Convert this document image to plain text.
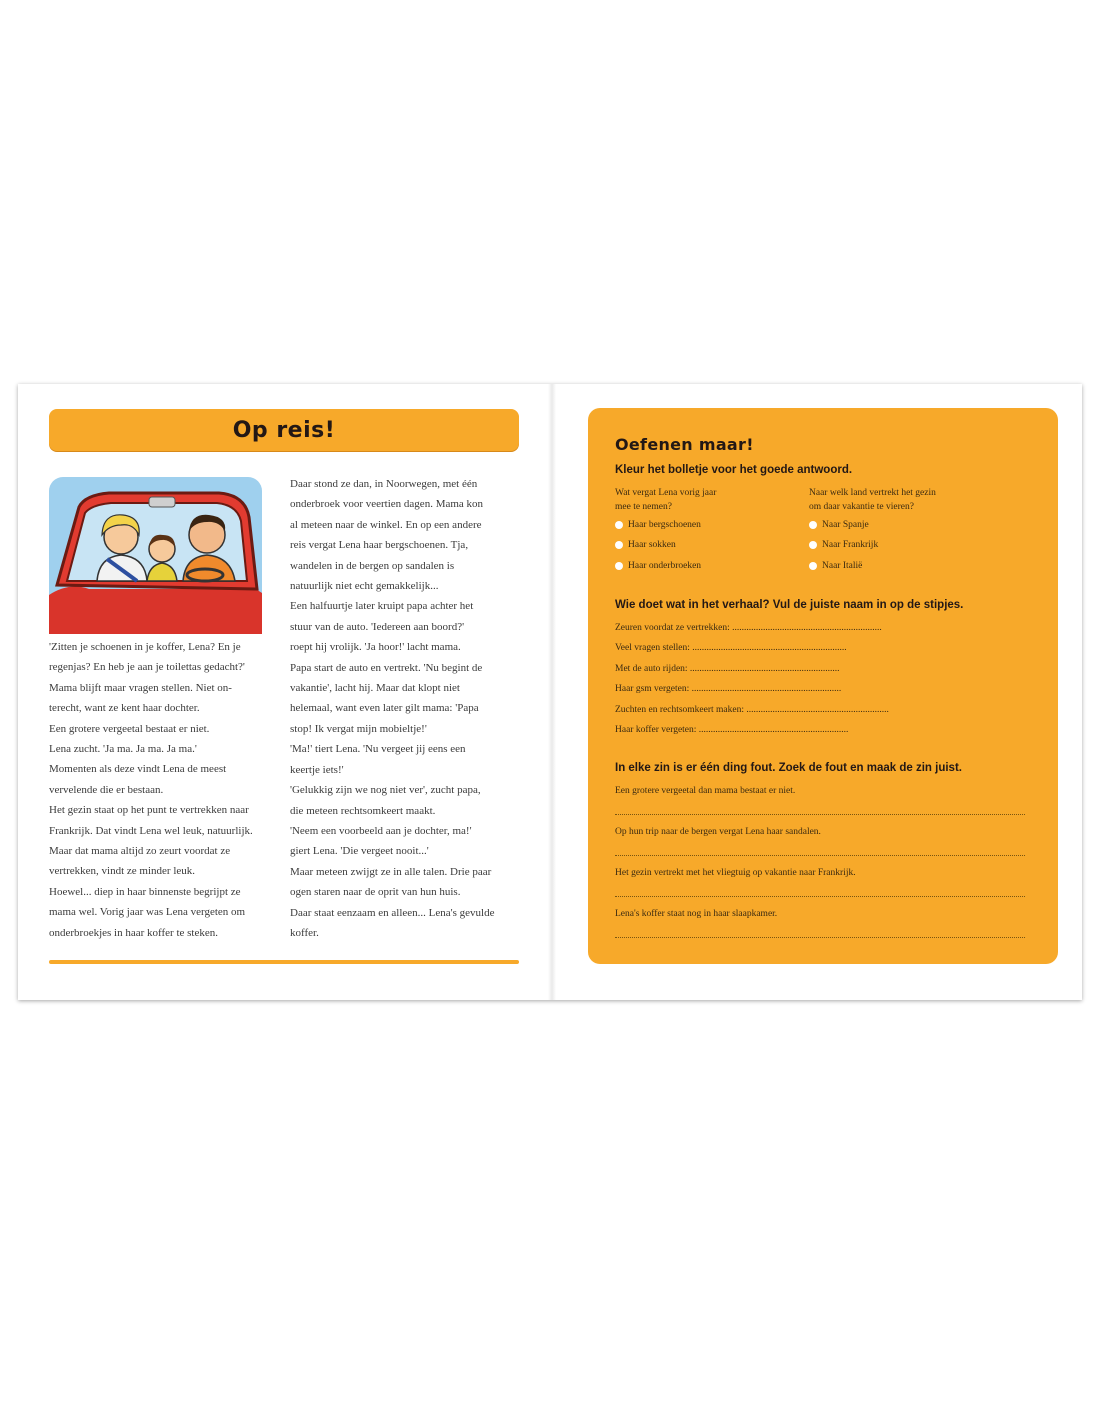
Op reis!

'Zitten je schoenen in je koffer, Lena? En je

regenjas? En heb je aan je toilettas gedacht?'

Mama blijft maar vragen stellen. Niet on-

terecht, want ze kent haar dochter.

Een grotere vergeetal bestaat er niet.

Lena zucht. 'Ja ma. Ja ma. Ja ma.'

Momenten als deze vindt Lena de meest

vervelende die er bestaan.

Het gezin staat op het punt te vertrekken naar

Frankrijk. Dat vindt Lena wel leuk, natuurlijk.

Maar dat mama altijd zo zeurt voordat ze

vertrekken, vindt ze minder leuk.

Hoewel... diep in haar binnenste begrijpt ze

mama wel. Vorig jaar was Lena vergeten om

onderbroekjes in haar koffer te steken.

Daar stond ze dan, in Noorwegen, met één

onderbroek voor veertien dagen. Mama kon

al meteen naar de winkel. En op een andere

reis vergat Lena haar bergschoenen. Tja,

wandelen in de bergen op sandalen is

natuurlijk niet echt gemakkelijk...

Een halfuurtje later kruipt papa achter het

stuur van de auto. 'Iedereen aan boord?'

roept hij vrolijk. 'Ja hoor!' lacht mama.

Papa start de auto en vertrekt. 'Nu begint de

vakantie', lacht hij. Maar dat klopt niet

helemaal, want even later gilt mama: 'Papa

stop! Ik vergat mijn mobieltje!'

'Ma!' tiert Lena. 'Nu vergeet jij eens een

keertje iets!'

'Gelukkig zijn we nog niet ver', zucht papa,

die meteen rechtsomkeert maakt.

'Neem een voorbeeld aan je dochter, ma!'

giert Lena. 'Die vergeet nooit...'

Maar meteen zwijgt ze in alle talen. Drie paar

ogen staren naar de oprit van hun huis.

Daar staat eenzaam en alleen... Lena's gevulde

koffer.

Oefenen maar!
Kleur het bolletje voor het goede antwoord.
Wat vergat Lena vorig jaar
mee te nemen?
Naar welk land vertrekt het gezin
om daar vakantie te vieren?
Haar bergschoenen
Haar sokken
Haar onderbroeken
Naar Spanje
Naar Frankrijk
Naar Italië
Wie doet wat in het verhaal? Vul de juiste naam in op de stipjes.
Zeuren voordat ze vertrekken: ...............................................................
Veel vragen stellen: .................................................................
Met de auto rijden: ...............................................................
Haar gsm vergeten: ...............................................................
Zuchten en rechtsomkeert maken: ............................................................
Haar koffer vergeten: ...............................................................
In elke zin is er één ding fout. Zoek de fout en maak de zin juist.
Een grotere vergeetal dan mama bestaat er niet.
Op hun trip naar de bergen vergat Lena haar sandalen.
Het gezin vertrekt met het vliegtuig op vakantie naar Frankrijk.
Lena's koffer staat nog in haar slaapkamer.
